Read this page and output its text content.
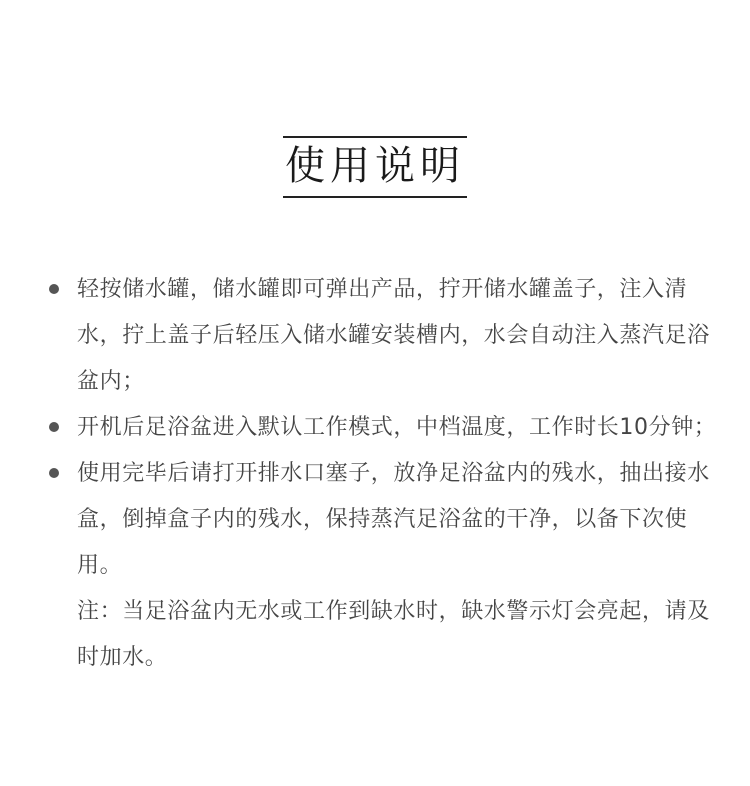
使用说明
轻按储水罐，储水罐即可弹出产品，拧开储水罐盖子，注入清水，拧上盖子后轻压入储水罐安装槽内，水会自动注入蒸汽足浴盆内；
开机后足浴盆进入默认工作模式，中档温度，工作时长10分钟；
使用完毕后请打开排水口塞子，放净足浴盆内的残水，抽出接水盒，倒掉盒子内的残水，保持蒸汽足浴盆的干净，以备下次使用。
注：当足浴盆内无水或工作到缺水时，缺水警示灯会亮起，请及时加水。
